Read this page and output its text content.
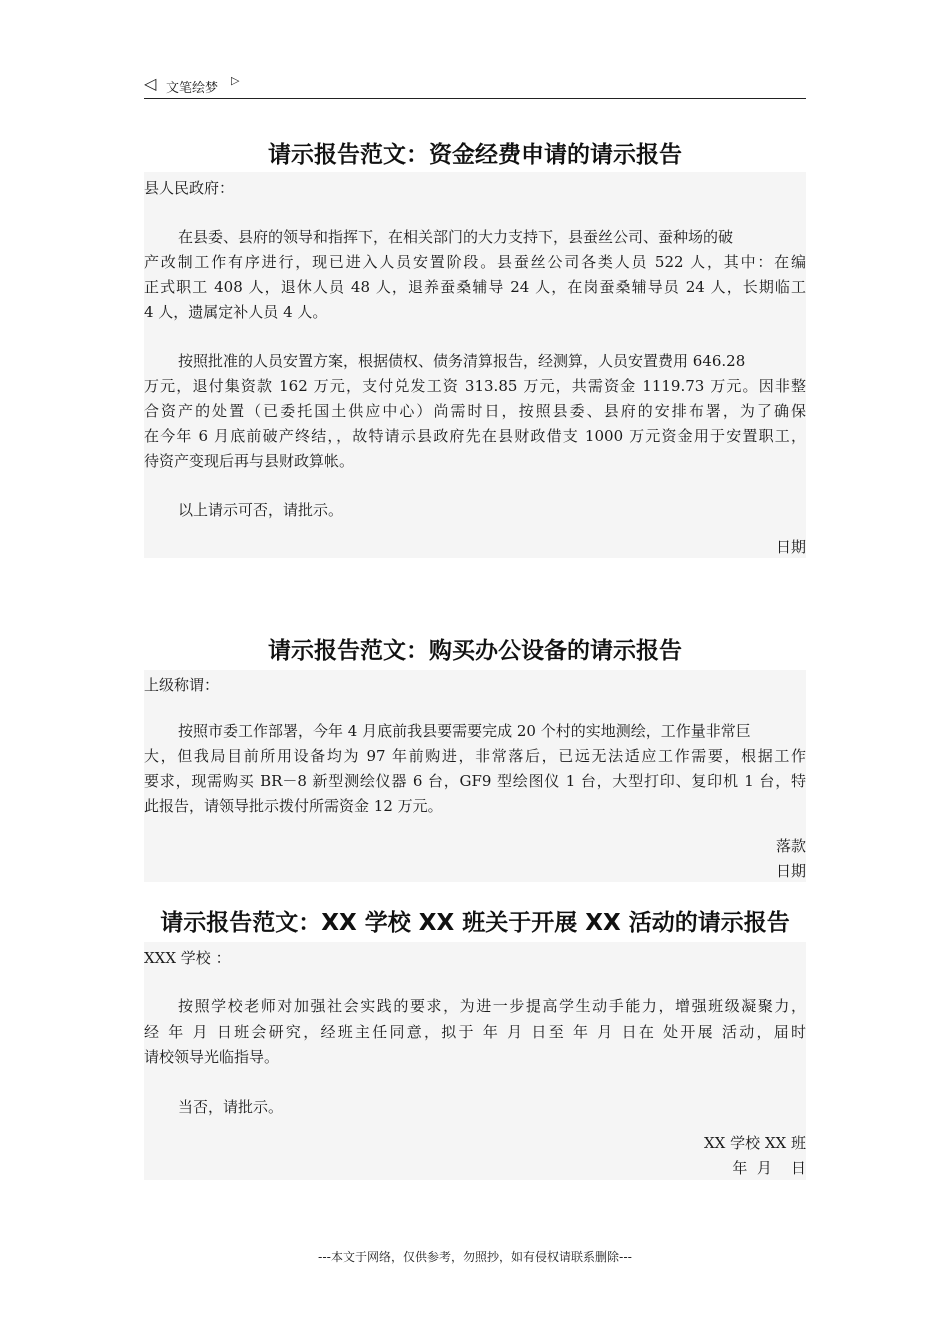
◁ 文笔绘梦
▷
请示报告范文：资金经费申请的请示报告
县人民政府：
在县委、县府的领导和指挥下，在相关部门的大力支持下，县蚕丝公司、蚕种场的破
产改制工作有序进行，现已进入人员安置阶段。县蚕丝公司各类人员 522 人，其中：在编
正式职工 408 人，退休人员 48 人，退养蚕桑辅导 24 人，在岗蚕桑辅导员 24 人，长期临工
4 人，遗属定补人员 4 人。
按照批准的人员安置方案，根据债权、债务清算报告，经测算，人员安置费用 646.28
万元，退付集资款 162 万元，支付兑发工资 313.85 万元，共需资金 1119.73 万元。因非整
合资产的处置（已委托国土供应中心）尚需时日，按照县委、县府的安排布署，为了确保
在今年 6 月底前破产终结，，故特请示县政府先在县财政借支 1000 万元资金用于安置职工，
待资产变现后再与县财政算帐。
以上请示可否，请批示。
日期
请示报告范文：购买办公设备的请示报告
上级称谓：
按照市委工作部署，今年 4 月底前我县要需要完成 20 个村的实地测绘，工作量非常巨
大，但我局目前所用设备均为 97 年前购进，非常落后，已远无法适应工作需要，根据工作
要求，现需购买 BR－8 新型测绘仪器 6 台，GF9 型绘图仪 1 台，大型打印、复印机 1 台，特
此报告，请领导批示拨付所需资金 12 万元。
落款
日期
请示报告范文：XX 学校 XX 班关于开展 XX 活动的请示报告
XXX 学校 ：
按照学校老师对加强社会实践的要求，为进一步提高学生动手能力，增强班级凝聚力，
经 年 月 日班会研究，经班主任同意，拟于 年 月 日至 年 月 日在 处开展 活动，届时
请校领导光临指导。
当否，请批示。
XX 学校 XX 班
年  月    日
---本文于网络，仅供参考，勿照抄，如有侵权请联系删除---
